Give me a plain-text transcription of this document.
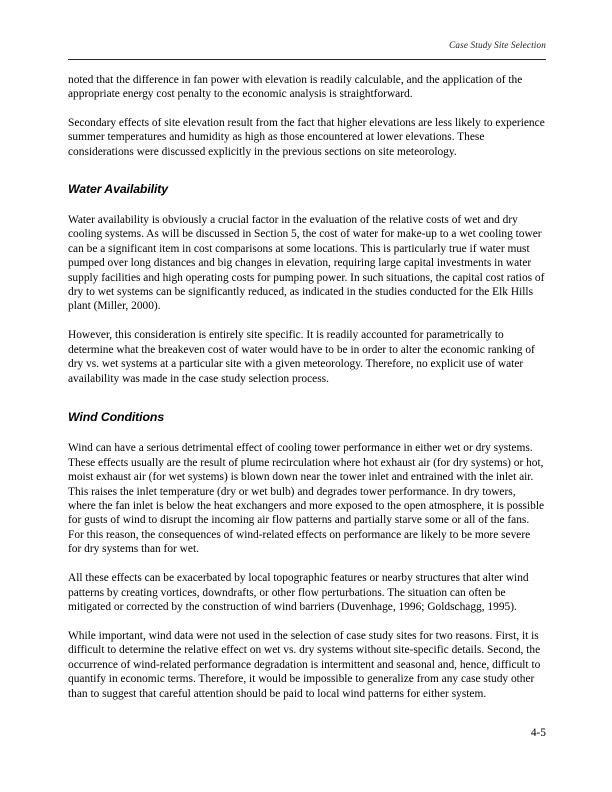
Case Study Site Selection

noted that the difference in fan power with elevation is readily calculable, and the application of the appropriate energy cost penalty to the economic analysis is straightforward.

Secondary effects of site elevation result from the fact that higher elevations are less likely to experience summer temperatures and humidity as high as those encountered at lower elevations. These considerations were discussed explicitly in the previous sections on site meteorology.

Water Availability

Water availability is obviously a crucial factor in the evaluation of the relative costs of wet and dry cooling systems. As will be discussed in Section 5, the cost of water for make-up to a wet cooling tower can be a significant item in cost comparisons at some locations. This is particularly true if water must pumped over long distances and big changes in elevation, requiring large capital investments in water supply facilities and high operating costs for pumping power. In such situations, the capital cost ratios of dry to wet systems can be significantly reduced, as indicated in the studies conducted for the Elk Hills plant (Miller, 2000).

However, this consideration is entirely site specific. It is readily accounted for parametrically to determine what the breakeven cost of water would have to be in order to alter the economic ranking of dry vs. wet systems at a particular site with a given meteorology. Therefore, no explicit use of water availability was made in the case study selection process.

Wind Conditions

Wind can have a serious detrimental effect of cooling tower performance in either wet or dry systems. These effects usually are the result of plume recirculation where hot exhaust air (for dry systems) or hot, moist exhaust air (for wet systems) is blown down near the tower inlet and entrained with the inlet air. This raises the inlet temperature (dry or wet bulb) and degrades tower performance. In dry towers, where the fan inlet is below the heat exchangers and more exposed to the open atmosphere, it is possible for gusts of wind to disrupt the incoming air flow patterns and partially starve some or all of the fans. For this reason, the consequences of wind-related effects on performance are likely to be more severe for dry systems than for wet.

All these effects can be exacerbated by local topographic features or nearby structures that alter wind patterns by creating vortices, downdrafts, or other flow perturbations. The situation can often be mitigated or corrected by the construction of wind barriers (Duvenhage, 1996; Goldschagg, 1995).

While important, wind data were not used in the selection of case study sites for two reasons. First, it is difficult to determine the relative effect on wet vs. dry systems without site-specific details. Second, the occurrence of wind-related performance degradation is intermittent and seasonal and, hence, difficult to quantify in economic terms. Therefore, it would be impossible to generalize from any case study other than to suggest that careful attention should be paid to local wind patterns for either system.

4-5
